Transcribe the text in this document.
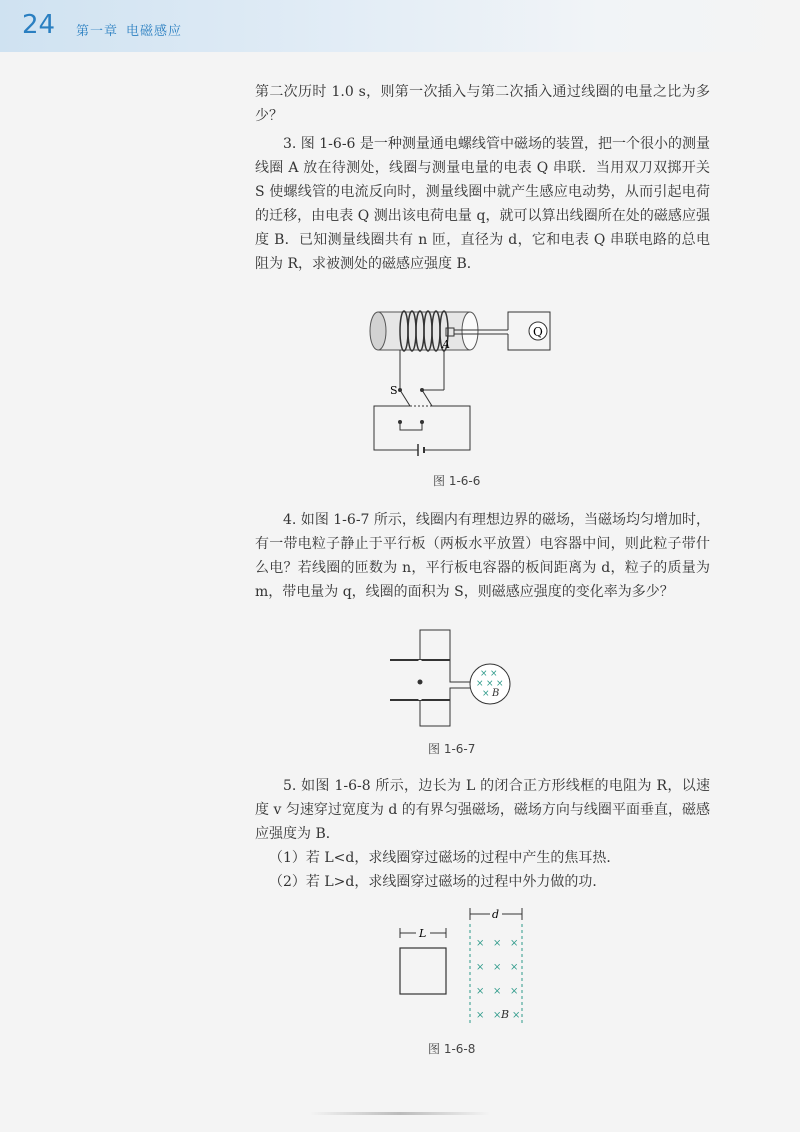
24 第一章 电磁感应
第二次历时 1.0 s，则第一次插入与第二次插入通过线圈的电量之比为多少？
3. 图 1-6-6 是一种测量通电螺线管中磁场的装置，把一个很小的测量线圈 A 放在待测处，线圈与测量电量的电表 Q 串联．当用双刀双掷开关 S 使螺线管的电流反向时，测量线圈中就产生感应电动势，从而引起电荷的迁移，由电表 Q 测出该电荷电量 q，就可以算出线圈所在处的磁感应强度 B．已知测量线圈共有 n 匝，直径为 d，它和电表 Q 串联电路的总电阻为 R，求被测处的磁感应强度 B．
Q
A
S
图 1-6-6
4. 如图 1-6-7 所示，线圈内有理想边界的磁场，当磁场均匀增加时，有一带电粒子静止于平行板（两板水平放置）电容器中间，则此粒子带什么电？若线圈的匝数为 n，平行板电容器的板间距离为 d，粒子的质量为 m，带电量为 q，线圈的面积为 S，则磁感应强度的变化率为多少？
× ×
× × ×
× B
图 1-6-7
5. 如图 1-6-8 所示，边长为 L 的闭合正方形线框的电阻为 R，以速度 v 匀速穿过宽度为 d 的有界匀强磁场，磁场方向与线圈平面垂直，磁感应强度为 B．
（1）若 L<d，求线圈穿过磁场的过程中产生的焦耳热．
（2）若 L>d，求线圈穿过磁场的过程中外力做的功．
L
d
× × ×
× × ×
× × ×
× × ×
B
图 1-6-8
